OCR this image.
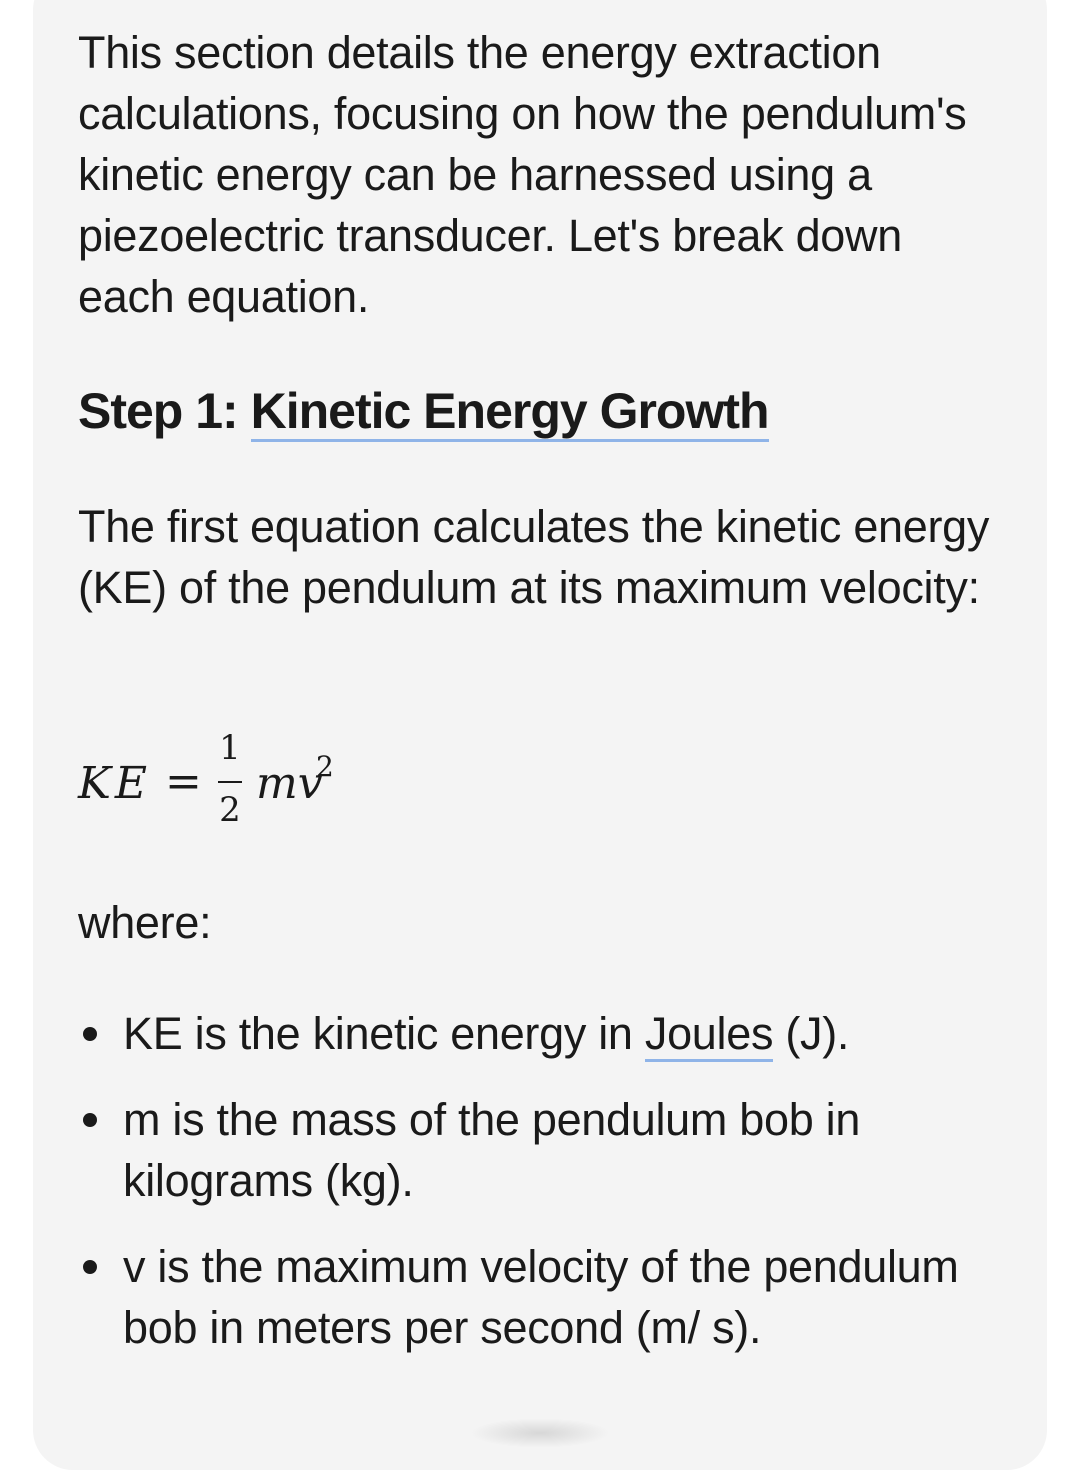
This section details the energy extraction calculations, focusing on how the pendulum's kinetic energy can be harnessed using a piezoelectric transducer. Let's break down each equation.

Step 1: Kinetic Energy Growth

The first equation calculates the kinetic energy (KE) of the pendulum at its maximum velocity:

KE =
1
2
mv
2

where:

KE is the kinetic energy in Joules (J).
m is the mass of the pendulum bob in kilograms (kg).
v is the maximum velocity of the pendulum bob in meters per second (m/ s).
